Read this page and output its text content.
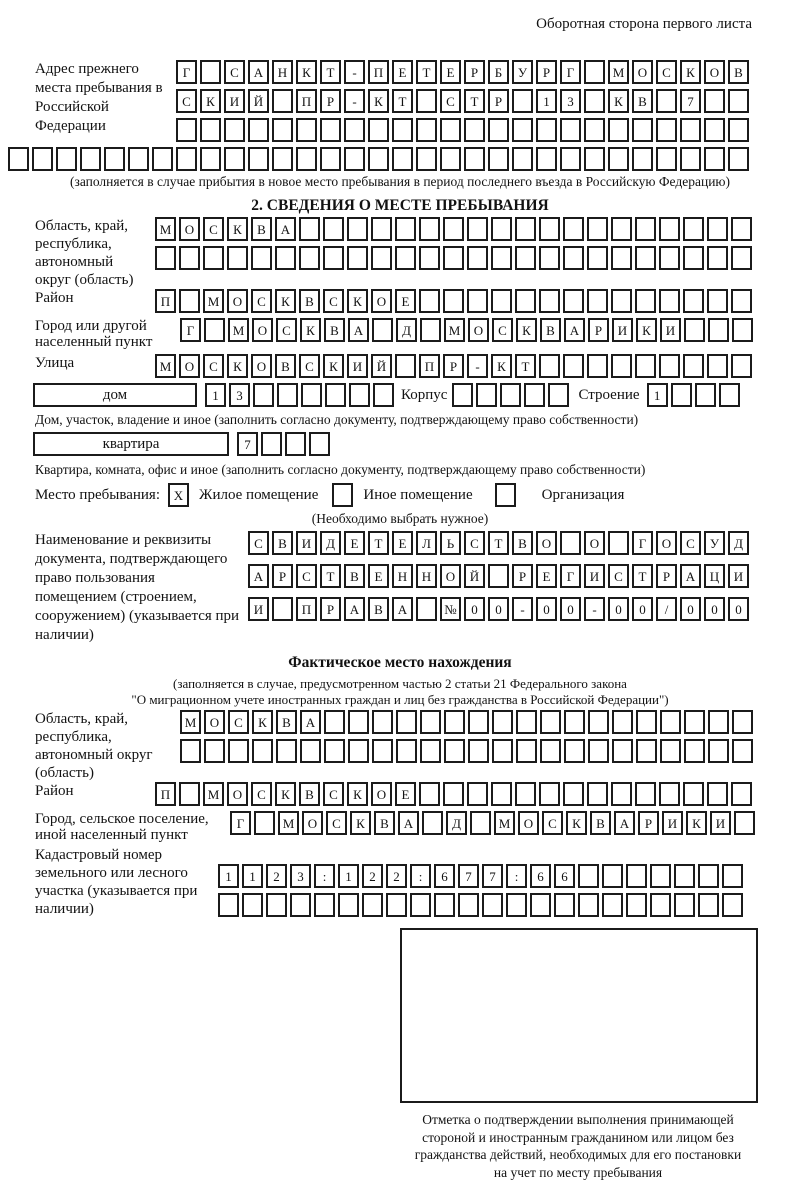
Оборотная сторона первого листа
Адрес прежнего места пребывания в Российской Федерации
Г	С	А	Н	К	Т	-	П	Е	Т	Е	Р	Б	У	Р	Г	М	О	С	К	О	В
С	К	И	Й	П	Р	-	К	Т	С	Т	Р	1	3	К	В	7
(заполняется в случае прибытия в новое место пребывания в период последнего въезда в Российскую Федерацию)
2. СВЕДЕНИЯ О МЕСТЕ ПРЕБЫВАНИЯ
Область, край, республика, автономный округ (область)
М	О	С	К	В	А
Район	П	М	О	С	К	В	С	К	О	Е
Город или другой населенный пункт
Г	М	О	С	К	В	А	Д	М	О	С	К	В	А	Р	И	К	И
Улица	М	О	С	К	О	В	С	К	И	Й	П	Р	-	К	Т
дом	1	3	Корпус	Строение	1
Дом, участок, владение и иное (заполнить согласно документу, подтверждающему право собственности)
квартира	7
Квартира, комната, офис и иное (заполнить согласно документу, подтверждающему право собственности)
Место пребывания:	X	Жилое помещение	Иное помещение	Организация
(Необходимо выбрать нужное)
Наименование и реквизиты документа, подтверждающего право пользования помещением (строением, сооружением) (указывается при наличии)
С	В	И	Д	Е	Т	Е	Л	Ь	С	Т	В	О	О	Г	О	С	У	Д
А	Р	С	Т	В	Е	Н	Н	О	Й	Р	Е	Г	И	С	Т	Р	А	Ц	И
И	П	Р	А	В	А	№	0	0	-	0	0	-	0	0	/	0	0	0
Фактическое место нахождения
(заполняется в случае, предусмотренном частью 2 статьи 21 Федерального закона
"О миграционном учете иностранных граждан и лиц без гражданства в Российской Федерации")
Область, край, республика, автономный округ (область)
М	О	С	К	В	А
Район	П	М	О	С	К	В	С	К	О	Е
Город, сельское поселение, иной населенный пункт
Г	М	О	С	К	В	А	Д	М	О	С	К	В	А	Р	И	К	И
Кадастровый номер земельного или лесного участка (указывается при наличии)
1	1	2	3	:	1	2	2	:	6	7	7	:	6	6
Отметка о подтверждении выполнения принимающей
стороной и иностранным гражданином или лицом без
гражданства действий, необходимых для его постановки
на учет по месту пребывания
